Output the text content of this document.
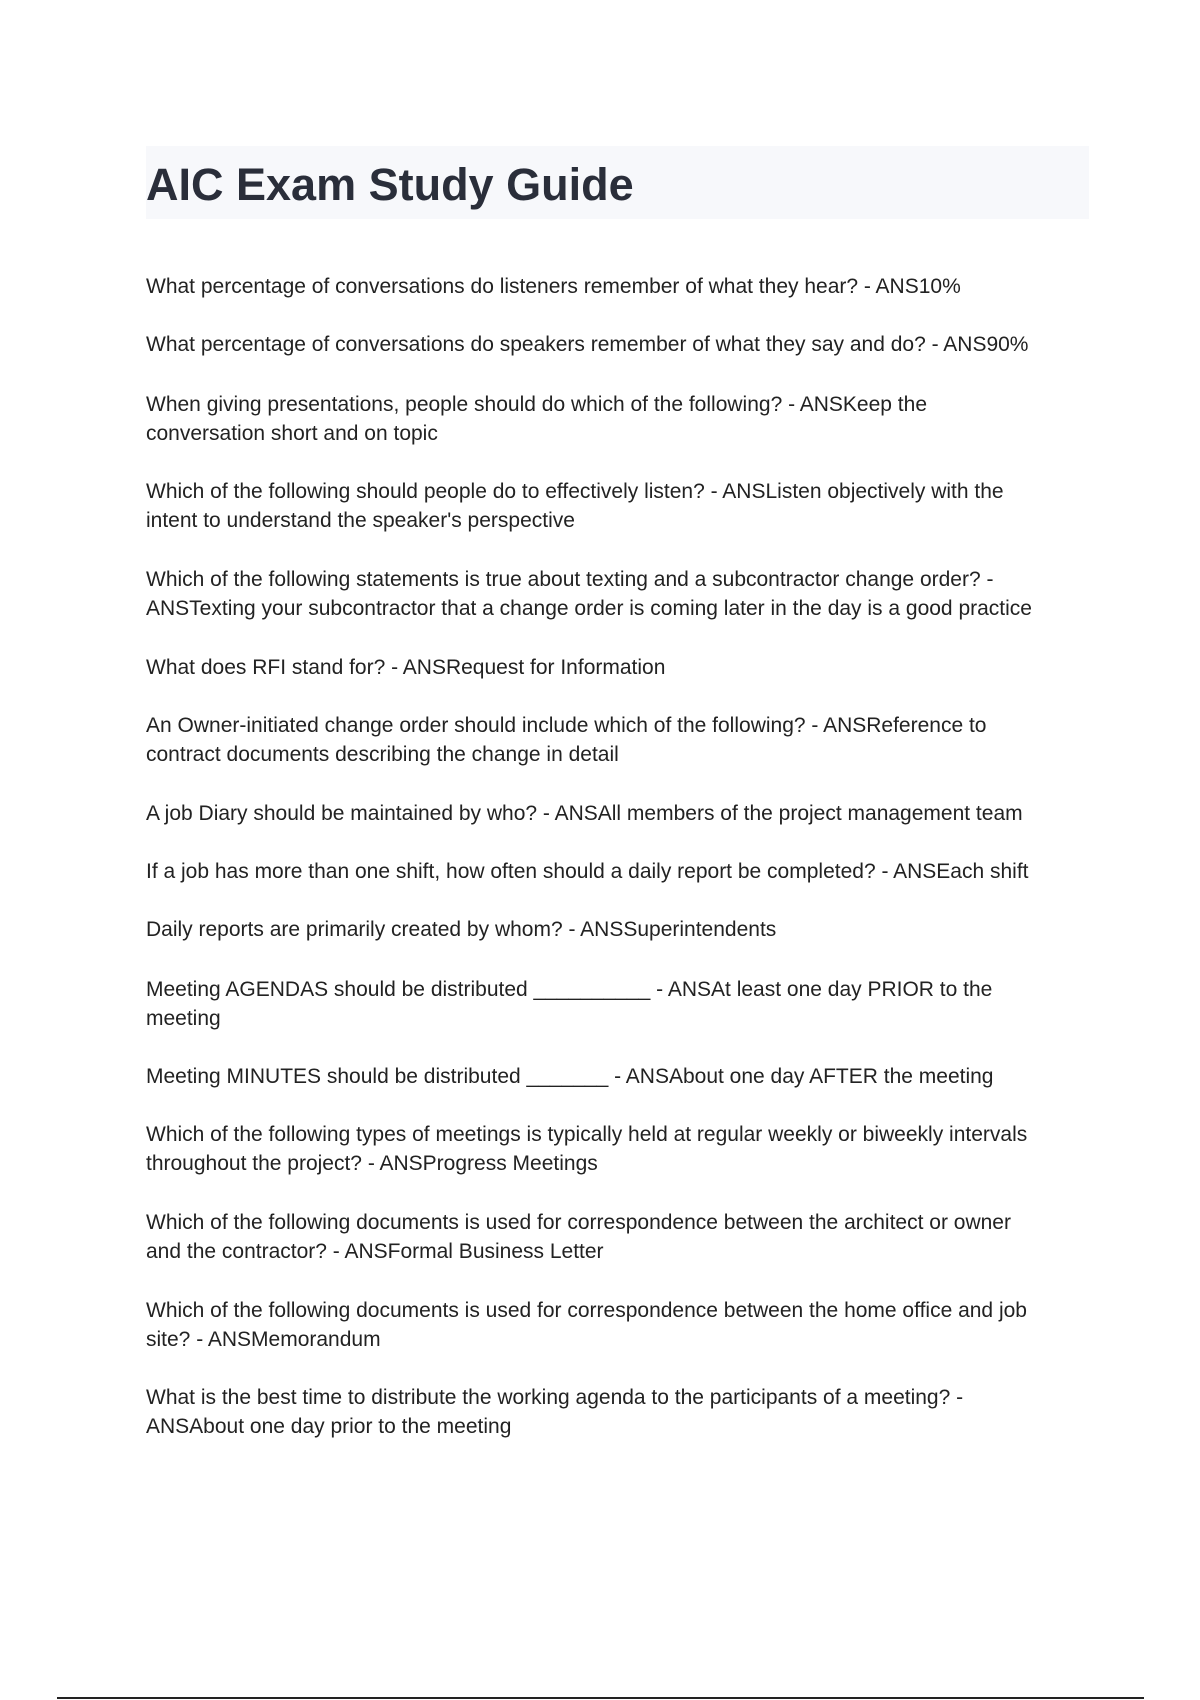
AIC Exam Study Guide

What percentage of conversations do listeners remember of what they hear? - ANS10%

What percentage of conversations do speakers remember of what they say and do? - ANS90%

When giving presentations, people should do which of the following? - ANSKeep the
conversation short and on topic

Which of the following should people do to effectively listen? - ANSListen objectively with the
intent to understand the speaker's perspective

Which of the following statements is true about texting and a subcontractor change order? -
ANSTexting your subcontractor that a change order is coming later in the day is a good practice

What does RFI stand for? - ANSRequest for Information

An Owner-initiated change order should include which of the following? - ANSReference to
contract documents describing the change in detail

A job Diary should be maintained by who? - ANSAll members of the project management team

If a job has more than one shift, how often should a daily report be completed? - ANSEach shift

Daily reports are primarily created by whom? - ANSSuperintendents

Meeting AGENDAS should be distributed __________ - ANSAt least one day PRIOR to the
meeting

Meeting MINUTES should be distributed _______ - ANSAbout one day AFTER the meeting

Which of the following types of meetings is typically held at regular weekly or biweekly intervals
throughout the project? - ANSProgress Meetings

Which of the following documents is used for correspondence between the architect or owner
and the contractor? - ANSFormal Business Letter

Which of the following documents is used for correspondence between the home office and job
site? - ANSMemorandum

What is the best time to distribute the working agenda to the participants of a meeting? -
ANSAbout one day prior to the meeting
